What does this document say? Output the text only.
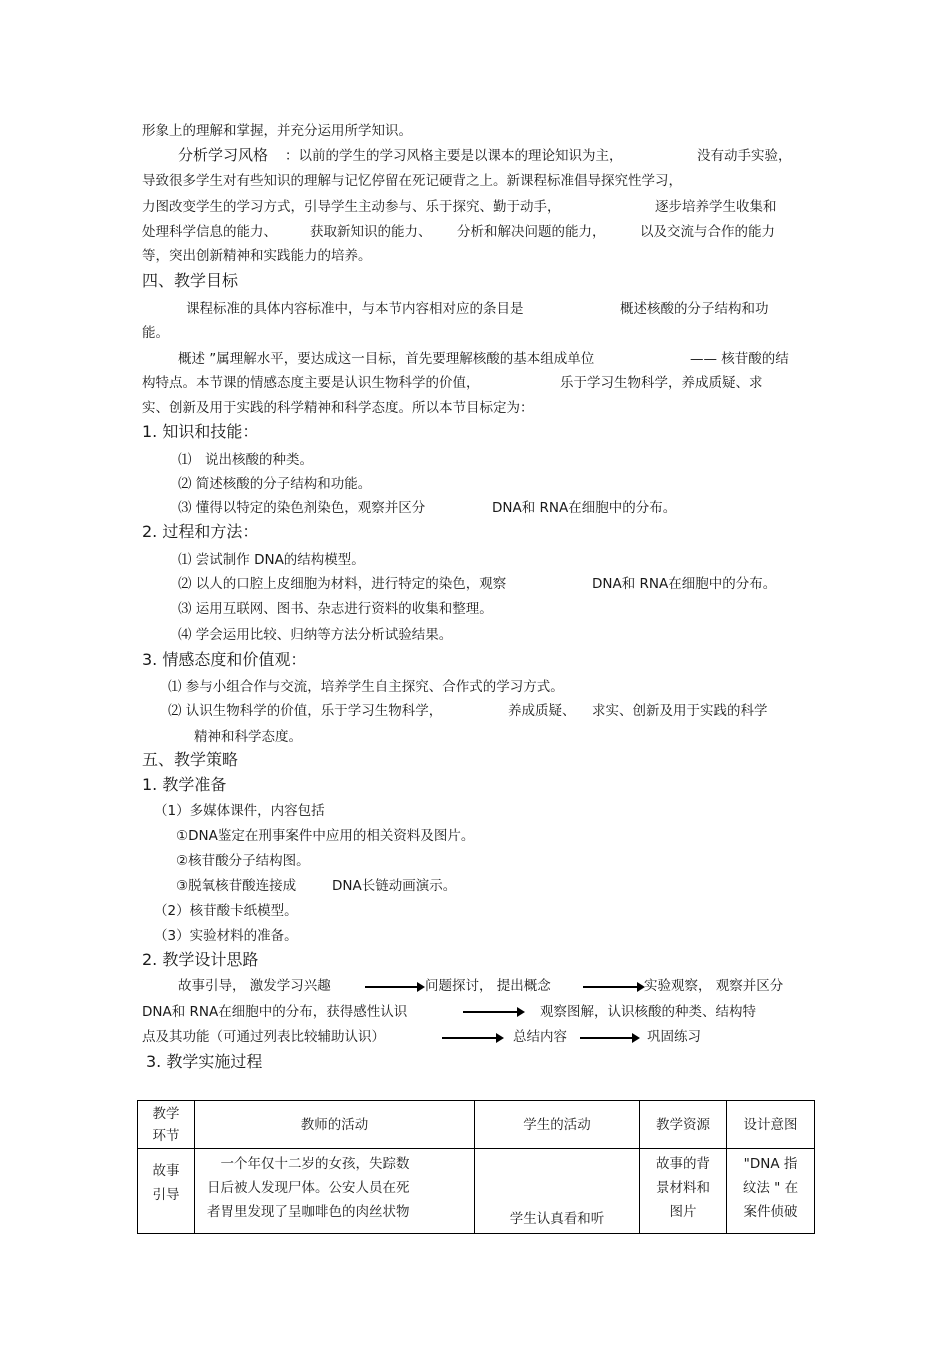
形象上的理解和掌握，并充分运用所学知识。
分析学习风格 ：以前的学生的学习风格主要是以课本的理论知识为主，	没有动手实验，
导致很多学生对有些知识的理解与记忆停留在死记硬背之上。新课程标准倡导探究性学习，
力图改变学生的学习方式，引导学生主动参与、乐于探究、勤于动手，	逐步培养学生收集和
处理科学信息的能力、 获取新知识的能力、 分析和解决问题的能力，	以及交流与合作的能力
等，突出创新精神和实践能力的培养。
四、教学目标
课程标准的具体内容标准中，与本节内容相对应的条目是	概述核酸的分子结构和功
能。
概述 ”属理解水平，要达成这一目标，首先要理解核酸的基本组成单位	—— 核苷酸的结
构特点。本节课的情感态度主要是认识生物科学的价值，	乐于学习生物科学，养成质疑、求
实、创新及用于实践的科学精神和科学态度。所以本节目标定为：
1. 知识和技能：
⑴　说出核酸的种类。
⑵ 简述核酸的分子结构和功能。
⑶ 懂得以特定的染色剂染色，观察并区分	DNA和 RNA在细胞中的分布。
2. 过程和方法：
⑴ 尝试制作 DNA的结构模型。
⑵ 以人的口腔上皮细胞为材料，进行特定的染色，观察	DNA和 RNA在细胞中的分布。
⑶ 运用互联网、图书、杂志进行资料的收集和整理。
⑷ 学会运用比较、归纳等方法分析试验结果。
3. 情感态度和价值观：
⑴ 参与小组合作与交流，培养学生自主探究、合作式的学习方式。
⑵ 认识生物科学的价值，乐于学习生物科学，	养成质疑、 求实、创新及用于实践的科学
精神和科学态度。
五、教学策略
1. 教学准备
（1）多媒体课件，内容包括
①DNA鉴定在刑事案件中应用的相关资料及图片。
②核苷酸分子结构图。
③脱氧核苷酸连接成	DNA长链动画演示。
（2）核苷酸卡纸模型。
（3）实验材料的准备。
2. 教学设计思路
故事引导， 激发学习兴趣	问题探讨， 提出概念	实验观察， 观察并区分
DNA和 RNA在细胞中的分布，获得感性认识	观察图解，认识核酸的种类、结构特
点及其功能（可通过列表比较辅助认识）	总结内容	巩固练习
3. 教学实施过程
教学
环节	教师的活动	学生的活动	教学资源	设计意图
故事
引导	　一个年仅十二岁的女孩，失踪数
日后被人发现尸体。公安人员在死
者胃里发现了呈咖啡色的肉丝状物	学生认真看和听	故事的背
景材料和
图片	"DNA 指
纹法 " 在
案件侦破
